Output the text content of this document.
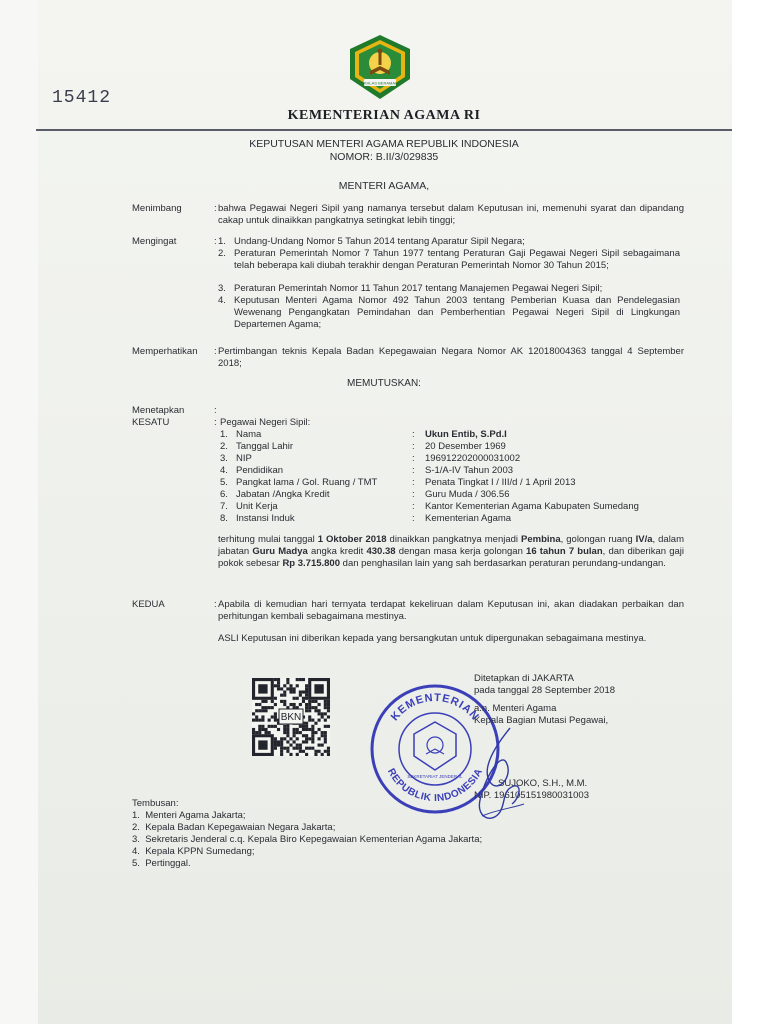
IKHLAS BERAMAL
15412
KEMENTERIAN AGAMA RI
KEPUTUSAN MENTERI AGAMA REPUBLIK INDONESIA
NOMOR: B.II/3/029835
MENTERI AGAMA,
Menimbang	: bahwa Pegawai Negeri Sipil yang namanya tersebut dalam Keputusan ini, memenuhi syarat dan dipandang cakap untuk dinaikkan pangkatnya setingkat lebih tinggi;
Mengingat	: 1. Undang-Undang Nomor 5 Tahun 2014 tentang Aparatur Sipil Negara;
2. Peraturan Pemerintah Nomor 7 Tahun 1977 tentang Peraturan Gaji Pegawai Negeri Sipil sebagaimana telah beberapa kali diubah terakhir dengan Peraturan Pemerintah Nomor 30 Tahun 2015;
3. Peraturan Pemerintah Nomor 11 Tahun 2017 tentang Manajemen Pegawai Negeri Sipil;
4. Keputusan Menteri Agama Nomor 492 Tahun 2003 tentang Pemberian Kuasa dan Pendelegasian Wewenang Pengangkatan Pemindahan dan Pemberhentian Pegawai Negeri Sipil di Lingkungan Departemen Agama;
Memperhatikan : Pertimbangan teknis Kepala Badan Kepegawaian Negara Nomor AK 12018004363 tanggal 4 September 2018;
MEMUTUSKAN:
Menetapkan	:
KESATU	: Pegawai Negeri Sipil:
1. Nama	: Ukun Entib, S.Pd.I
2. Tanggal Lahir	: 20 Desember 1969
3. NIP	: 196912202000031002
4. Pendidikan	: S-1/A-IV Tahun 2003
5. Pangkat lama / Gol. Ruang / TMT	: Penata Tingkat I / III/d / 1 April 2013
6. Jabatan /Angka Kredit	: Guru Muda / 306.56
7. Unit Kerja	: Kantor Kementerian Agama Kabupaten Sumedang
8. Instansi Induk	: Kementerian Agama
terhitung mulai tanggal 1 Oktober 2018 dinaikkan pangkatnya menjadi Pembina, golongan ruang IV/a, dalam jabatan Guru Madya angka kredit 430.38 dengan masa kerja golongan 16 tahun 7 bulan, dan diberikan gaji pokok sebesar Rp 3.715.800 dan penghasilan lain yang sah berdasarkan peraturan perundang-undangan.
KEDUA	: Apabila di kemudian hari ternyata terdapat kekeliruan dalam Keputusan ini, akan diadakan perbaikan dan perhitungan kembali sebagaimana mestinya.
ASLI Keputusan ini diberikan kepada yang bersangkutan untuk dipergunakan sebagaimana mestinya.
BKN	KEMENTERIAN
REPUBLIK INDONESIA
SEKRETARIAT JENDERAL
Ditetapkan di JAKARTA
pada tanggal 28 September 2018
a.n. Menteri Agama
Kepala Bagian Mutasi Pegawai,
SUJOKO, S.H., M.M.
NIP. 196105151980031003
Tembusan:
1.  Menteri Agama Jakarta;
2.  Kepala Badan Kepegawaian Negara Jakarta;
3.  Sekretaris Jenderal c.q. Kepala Biro Kepegawaian Kementerian Agama Jakarta;
4.  Kepala KPPN Sumedang;
5.  Pertinggal.
